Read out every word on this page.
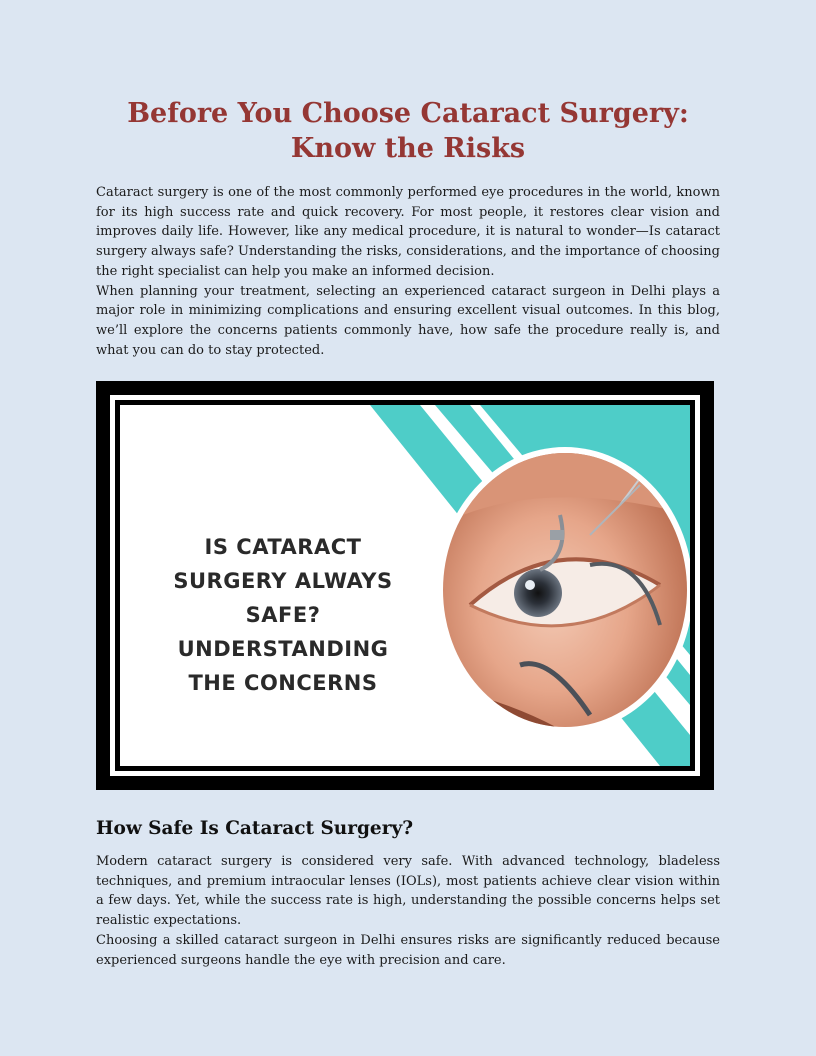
Before You Choose Cataract Surgery: Know the Risks

Cataract surgery is one of the most commonly performed eye procedures in the world, known for its high success rate and quick recovery. For most people, it restores clear vision and improves daily life. However, like any medical procedure, it is natural to wonder—Is cataract surgery always safe? Understanding the risks, considerations, and the importance of choosing the right specialist can help you make an informed decision.

When planning your treatment, selecting an experienced cataract surgeon in Delhi plays a major role in minimizing complications and ensuring excellent visual outcomes. In this blog, we’ll explore the concerns patients commonly have, how safe the procedure really is, and what you can do to stay protected.

IS CATARACT
SURGERY ALWAYS
SAFE?
UNDERSTANDING
THE CONCERNS
How Safe Is Cataract Surgery?

Modern cataract surgery is considered very safe. With advanced technology, bladeless techniques, and premium intraocular lenses (IOLs), most patients achieve clear vision within a few days. Yet, while the success rate is high, understanding the possible concerns helps set realistic expectations.

Choosing a skilled cataract surgeon in Delhi ensures risks are significantly reduced because experienced surgeons handle the eye with precision and care.
